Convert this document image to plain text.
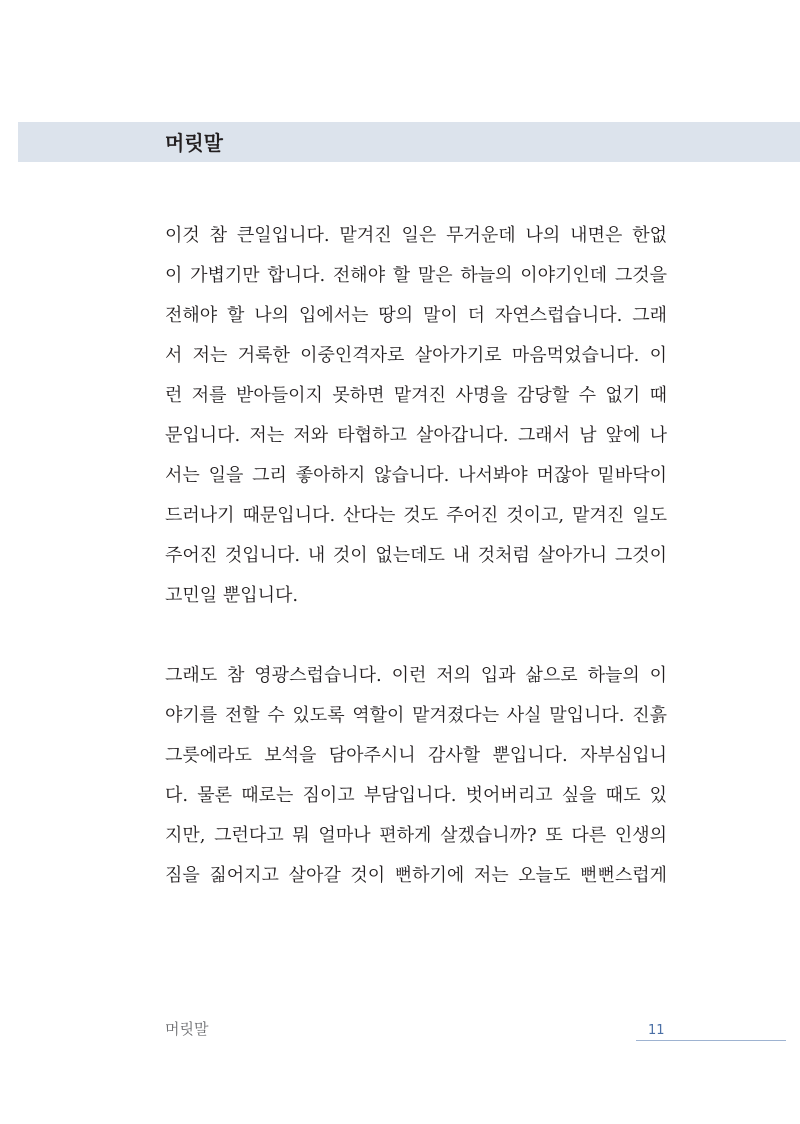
머릿말

이것 참 큰일입니다. 맡겨진 일은 무거운데 나의 내면은 한없
이 가볍기만 합니다. 전해야 할 말은 하늘의 이야기인데 그것을
전해야 할 나의 입에서는 땅의 말이 더 자연스럽습니다. 그래
서 저는 거룩한 이중인격자로 살아가기로 마음먹었습니다. 이
런 저를 받아들이지 못하면 맡겨진 사명을 감당할 수 없기 때
문입니다. 저는 저와 타협하고 살아갑니다. 그래서 남 앞에 나
서는 일을 그리 좋아하지 않습니다. 나서봐야 머잖아 밑바닥이
드러나기 때문입니다. 산다는 것도 주어진 것이고, 맡겨진 일도
주어진 것입니다. 내 것이 없는데도 내 것처럼 살아가니 그것이
고민일 뿐입니다.

그래도 참 영광스럽습니다. 이런 저의 입과 삶으로 하늘의 이
야기를 전할 수 있도록 역할이 맡겨졌다는 사실 말입니다. 진흙
그릇에라도 보석을 담아주시니 감사할 뿐입니다. 자부심입니
다. 물론 때로는 짐이고 부담입니다. 벗어버리고 싶을 때도 있
지만, 그런다고 뭐 얼마나 편하게 살겠습니까? 또 다른 인생의
짐을 짊어지고 살아갈 것이 뻔하기에 저는 오늘도 뻔뻔스럽게

머릿말	11
